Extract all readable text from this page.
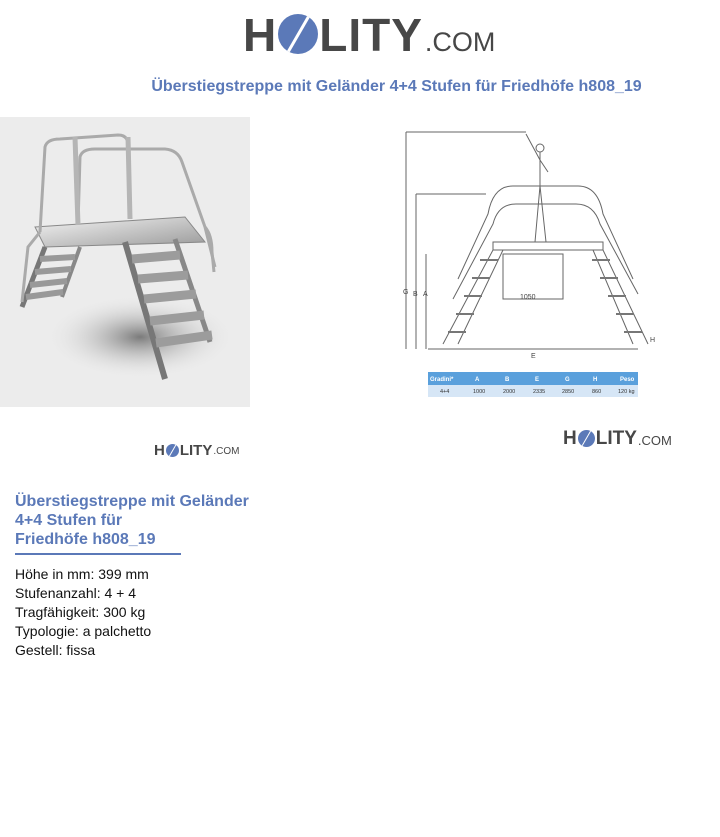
H LITY .COM
Überstiegstreppe mit Geländer 4+4 Stufen für Friedhöfe h808_19
1050
E
H
G B A
Gradini*	A	B	E	G	H	Peso
4+4	1000	2000	2335	2850	860	120 kg
H LITY .COM
H LITY .COM
Überstiegstreppe mit Geländer
4+4 Stufen für
Friedhöfe h808_19
Höhe in mm: 399 mm
Stufenanzahl: 4 + 4
Tragfähigkeit: 300 kg
Typologie: a palchetto
Gestell: fissa
